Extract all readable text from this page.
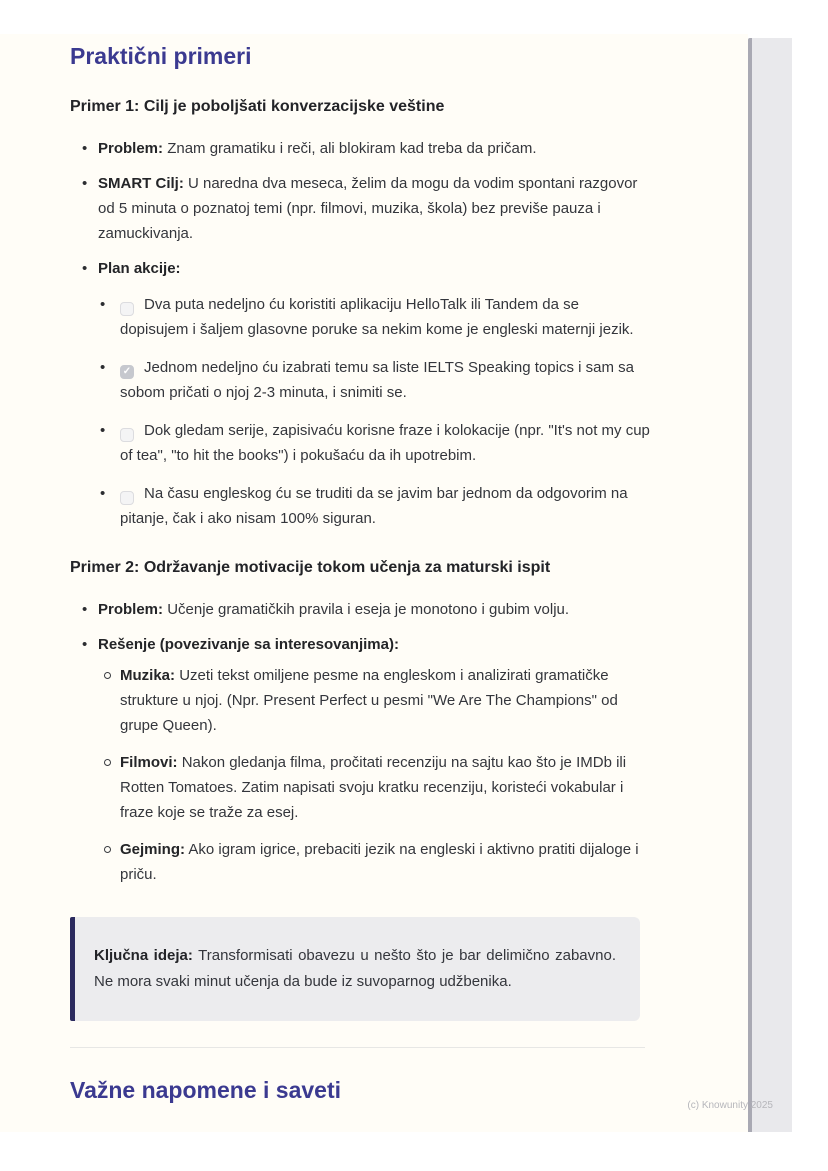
Praktični primeri
Primer 1: Cilj je poboljšati konverzacijske veštine
• Problem: Znam gramatiku i reči, ali blokiram kad treba da pričam.
• SMART Cilj: U naredna dva meseca, želim da mogu da vodim spontani razgovor od 5 minuta o poznatoj temi (npr. filmovi, muzika, škola) bez previše pauza i zamuckivanja.
• Plan akcije:
• Dva puta nedeljno ću koristiti aplikaciju HelloTalk ili Tandem da se dopisujem i šaljem glasovne poruke sa nekim kome je engleski maternji jezik.
✓• Jednom nedeljno ću izabrati temu sa liste IELTS Speaking topics i sam sa sobom pričati o njoj 2-3 minuta, i snimiti se.
• Dok gledam serije, zapisivaću korisne fraze i kolokacije (npr. "It's not my cup of tea", "to hit the books") i pokušaću da ih upotrebim.
• Na času engleskog ću se truditi da se javim bar jednom da odgovorim na pitanje, čak i ako nisam 100% siguran.
Primer 2: Održavanje motivacije tokom učenja za maturski ispit
• Problem: Učenje gramatičkih pravila i eseja je monotono i gubim volju.
• Rešenje (povezivanje sa interesovanjima):
Muzika: Uzeti tekst omiljene pesme na engleskom i analizirati gramatičke strukture u njoj. (Npr. Present Perfect u pesmi "We Are The Champions" od grupe Queen).
Filmovi: Nakon gledanja filma, pročitati recenziju na sajtu kao što je IMDb ili Rotten Tomatoes. Zatim napisati svoju kratku recenziju, koristeći vokabular i fraze koje se traže za esej.
Gejming: Ako igram igrice, prebaciti jezik na engleski i aktivno pratiti dijaloge i priču.
Ključna ideja: Transformisati obavezu u nešto što je bar delimično zabavno. Ne mora svaki minut učenja da bude iz suvoparnog udžbenika.
Važne napomene i saveti
(c) Knowunity 2025
